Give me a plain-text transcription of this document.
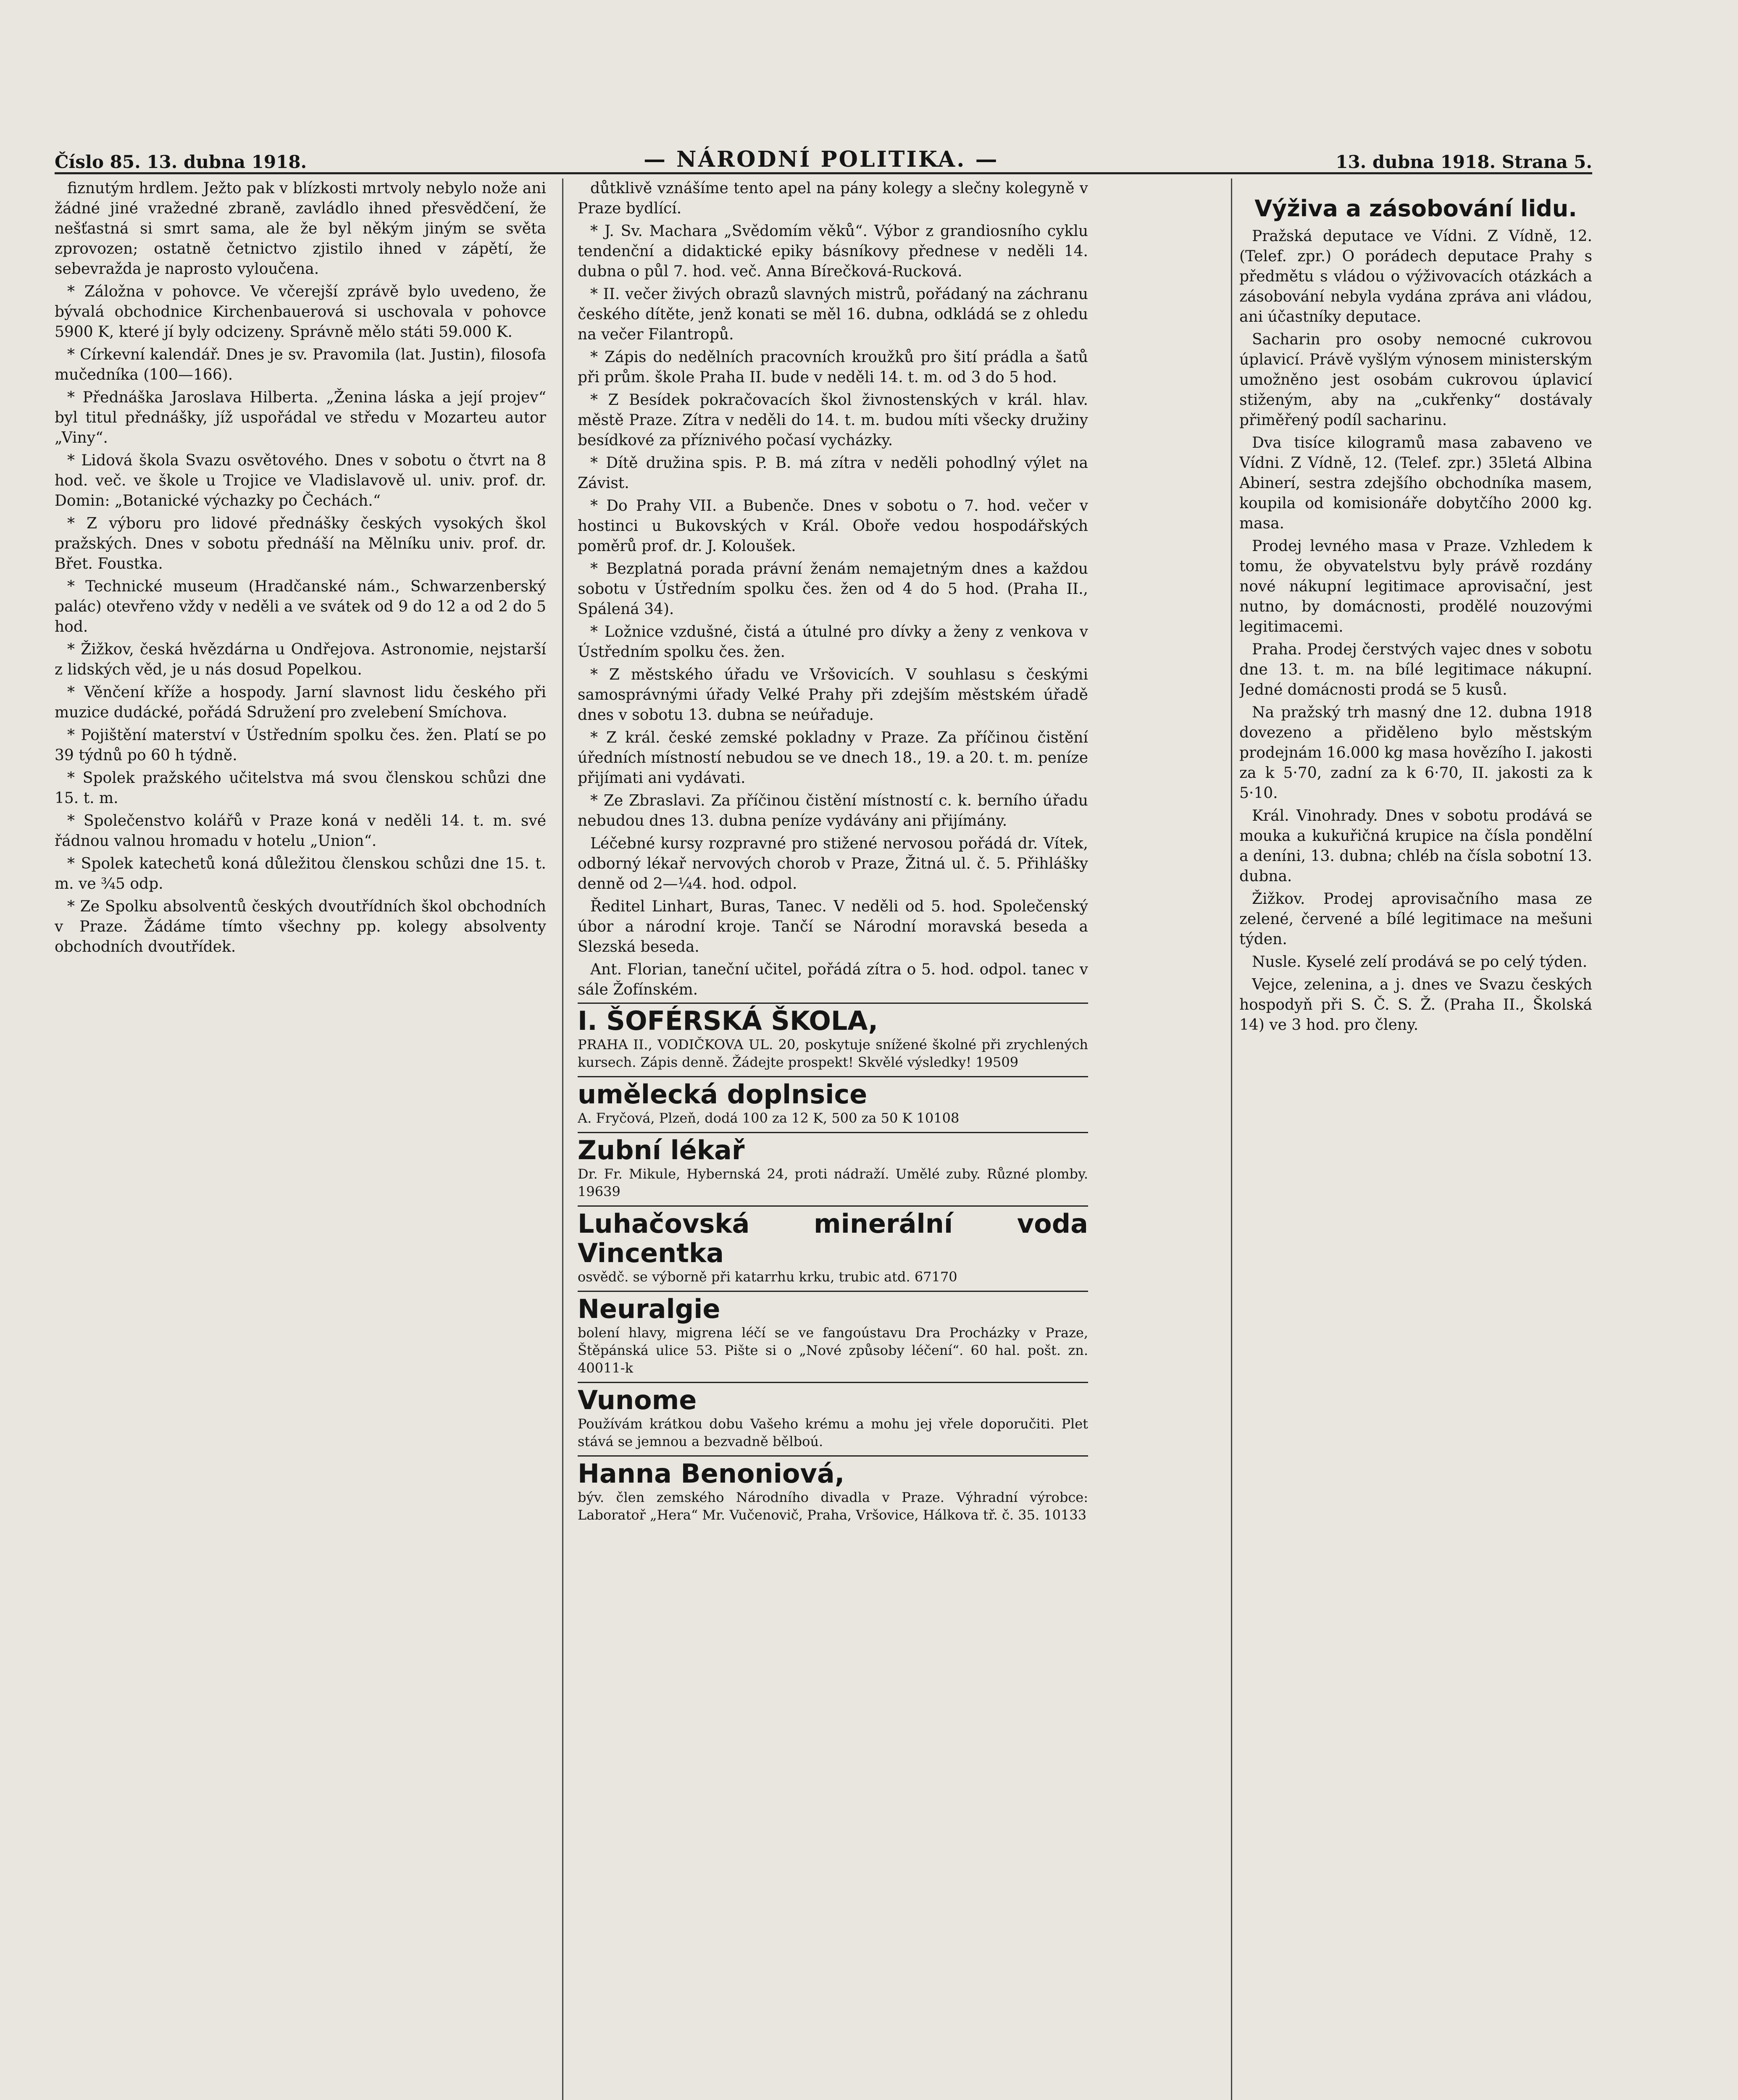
Číslo 85. 13. dubna 1918.	— NÁRODNÍ POLITIKA. —	13. dubna 1918. Strana 5.

fiznutým hrdlem. Ježto pak v blízkosti mrtvoly nebylo nože ani žádné jiné vražedné zbraně, zavládlo ihned přesvědčení, že nešťastná si smrt sama, ale že byl někým jiným se světa zprovozen; ostatně četnictvo zjistilo ihned v zápětí, že sebevražda je naprosto vyloučena.

* Záložna v pohovce. Ve včerejší zprávě bylo uvedeno, že bývalá obchodnice Kirchenbauerová si uschovala v pohovce 5900 K, které jí byly odcizeny. Správně mělo státi 59.000 K.

* Církevní kalendář. Dnes je sv. Pravomila (lat. Justin), filosofa mučedníka (100—166).

* Přednáška Jaroslava Hilberta. „Ženina láska a její projev“ byl titul přednášky, jíž uspořádal ve středu v Mozarteu autor „Viny“.

* Lidová škola Svazu osvětového. Dnes v sobotu o čtvrt na 8 hod. več. ve škole u Trojice ve Vladislavově ul. univ. prof. dr. Domin: „Botanické výchazky po Čechách.“

* Z výboru pro lidové přednášky českých vysokých škol pražských. Dnes v sobotu přednáší na Mělníku univ. prof. dr. Břet. Foustka.

* Technické museum (Hradčanské nám., Schwarzenberský palác) otevřeno vždy v neděli a ve svátek od 9 do 12 a od 2 do 5 hod.

* Žižkov, česká hvězdárna u Ondřejova. Astronomie, nejstarší z lidských věd, je u nás dosud Popelkou.

* Věnčení kříže a hospody. Jarní slavnost lidu českého při muzice dudácké, pořádá Sdružení pro zvelebení Smíchova.

* Pojištění materství v Ústředním spolku čes. žen. Platí se po 39 týdnů po 60 h týdně.

* Spolek pražského učitelstva má svou členskou schůzi dne 15. t. m.

* Společenstvo kolářů v Praze koná v neděli 14. t. m. své řádnou valnou hromadu v hotelu „Union“.

* Spolek katechetů koná důležitou členskou schůzi dne 15. t. m. ve ¾5 odp.

* Ze Spolku absolventů českých dvoutřídních škol obchodních v Praze. Žádáme tímto všechny pp. kolegy absolventy obchodních dvoutřídek.

důtklivě vznášíme tento apel na pány kolegy a slečny kolegyně v Praze bydlící.

* J. Sv. Machara „Svědomím věků“. Výbor z grandiosního cyklu tendenční a didaktické epiky básníkovy přednese v neděli 14. dubna o půl 7. hod. več. Anna Bírečková-Rucková.

* II. večer živých obrazů slavných mistrů, pořádaný na záchranu českého dítěte, jenž konati se měl 16. dubna, odkládá se z ohledu na večer Filantropů.

* Zápis do nedělních pracovních kroužků pro šití prádla a šatů při prům. škole Praha II. bude v neděli 14. t. m. od 3 do 5 hod.

* Z Besídek pokračovacích škol živnostenských v král. hlav. městě Praze. Zítra v neděli do 14. t. m. budou míti všecky družiny besídkové za příznivého počasí vycházky.

* Dítě družina spis. P. B. má zítra v neděli pohodlný výlet na Závist.

* Do Prahy VII. a Bubenče. Dnes v sobotu o 7. hod. večer v hostinci u Bukovských v Král. Oboře vedou hospodářských poměrů prof. dr. J. Koloušek.

* Bezplatná porada právní ženám nemajetným dnes a každou sobotu v Ústředním spolku čes. žen od 4 do 5 hod. (Praha II., Spálená 34).

* Ložnice vzdušné, čistá a útulné pro dívky a ženy z venkova v Ústředním spolku čes. žen.

* Z městského úřadu ve Vršovicích. V souhlasu s českými samosprávnými úřady Velké Prahy při zdejším městském úřadě dnes v sobotu 13. dubna se neúřaduje.

* Z král. české zemské pokladny v Praze. Za příčinou čistění úředních místností nebudou se ve dnech 18., 19. a 20. t. m. peníze přijímati ani vydávati.

* Ze Zbraslavi. Za příčinou čistění místností c. k. berního úřadu nebudou dnes 13. dubna peníze vydávány ani přijímány.

Léčebné kursy rozpravné pro stižené nervosou pořádá dr. Vítek, odborný lékař nervových chorob v Praze, Žitná ul. č. 5. Přihlášky denně od 2—¼4. hod. odpol.

Ředitel Linhart, Buras, Tanec. V neděli od 5. hod. Společenský úbor a národní kroje. Tančí se Národní moravská beseda a Slezská beseda.

Ant. Florian, taneční učitel, pořádá zítra o 5. hod. odpol. tanec v sále Žofínském.

I. ŠOFÉRSKÁ ŠKOLA,
PRAHA II., VODIČKOVA UL. 20, poskytuje snížené školné při zrychlených kursech. Zápis denně. Žádejte prospekt! Skvělé výsledky! 19509
umělecká doplnsice
A. Fryčová, Plzeň, dodá 100 za 12 K, 500 za 50 K 10108
Zubní lékař
Dr. Fr. Mikule, Hybernská 24, proti nádraží. Umělé zuby. Různé plomby. 19639
Luhačovská minerální voda Vincentka
osvědč. se výborně při katarrhu krku, trubic atd. 67170
Neuralgie
bolení hlavy, migrena léčí se ve fangoústavu Dra Procházky v Praze, Štěpánská ulice 53. Pište si o „Nové způsoby léčení“. 60 hal. pošt. zn. 40011-k
Vunome
Používám krátkou dobu Vašeho krému a mohu jej vřele doporučiti. Plet stává se jemnou a bezvadně bělboú.
Hanna Benoniová,
býv. člen zemského Národního divadla v Praze. Výhradní výrobce: Laboratoř „Hera“ Mr. Vučenovič, Praha, Vršovice, Hálkova tř. č. 35. 10133
Výživa a zásobování lidu.

Pražská deputace ve Vídni. Z Vídně, 12. (Telef. zpr.) O porádech deputace Prahy s předmětu s vládou o výživovacích otázkách a zásobování nebyla vydána zpráva ani vládou, ani účastníky deputace.

Sacharin pro osoby nemocné cukrovou úplavicí. Právě vyšlým výnosem ministerským umožněno jest osobám cukrovou úplavicí stiženým, aby na „cukřenky“ dostávaly přiměřený podíl sacharinu.

Dva tisíce kilogramů masa zabaveno ve Vídni. Z Vídně, 12. (Telef. zpr.) 35letá Albina Abinerí, sestra zdejšího obchodníka masem, koupila od komisionáře dobytčího 2000 kg. masa.

Prodej levného masa v Praze. Vzhledem k tomu, že obyvatelstvu byly právě rozdány nové nákupní legitimace aprovisační, jest nutno, by domácnosti, prodělé nouzovými legitimacemi.

Praha. Prodej čerstvých vajec dnes v sobotu dne 13. t. m. na bílé legitimace nákupní. Jedné domácnosti prodá se 5 kusů.

Na pražský trh masný dne 12. dubna 1918 dovezeno a přiděleno bylo městským prodejnám 16.000 kg masa hovězího I. jakosti za k 5·70, zadní za k 6·70, II. jakosti za k 5·10.

Král. Vinohrady. Dnes v sobotu prodává se mouka a kukuřičná krupice na čísla pondělní a deníni, 13. dubna; chléb na čísla sobotní 13. dubna.

Žižkov. Prodej aprovisačního masa ze zelené, červené a bílé legitimace na mešuni týden.

Nusle. Kyselé zelí prodává se po celý týden.

Vejce, zelenina, a j. dnes ve Svazu českých hospodyň při S. Č. S. Ž. (Praha II., Školská 14) ve 3 hod. pro členy.
